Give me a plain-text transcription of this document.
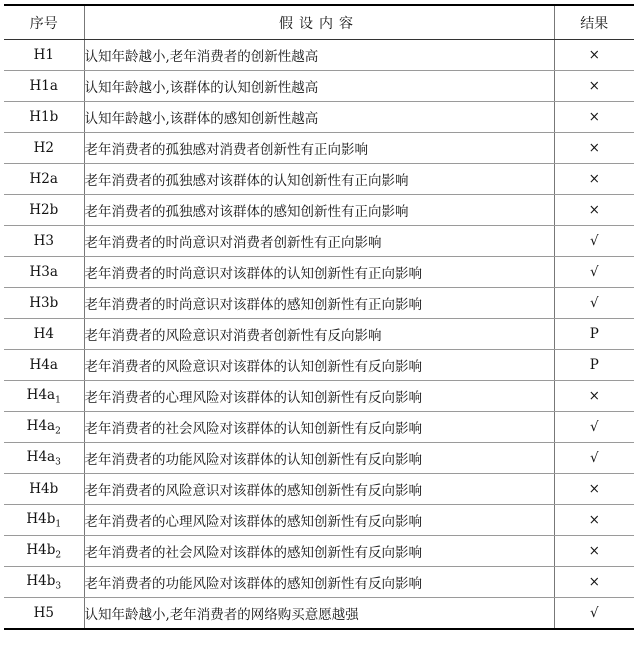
序号	假设内容	结果
H1	认知年龄越小,老年消费者的创新性越高	×
H1a	认知年龄越小,该群体的认知创新性越高	×
H1b	认知年龄越小,该群体的感知创新性越高	×
H2	老年消费者的孤独感对消费者创新性有正向影响	×
H2a	老年消费者的孤独感对该群体的认知创新性有正向影响	×
H2b	老年消费者的孤独感对该群体的感知创新性有正向影响	×
H3	老年消费者的时尚意识对消费者创新性有正向影响	√
H3a	老年消费者的时尚意识对该群体的认知创新性有正向影响	√
H3b	老年消费者的时尚意识对该群体的感知创新性有正向影响	√
H4	老年消费者的风险意识对消费者创新性有反向影响	P
H4a	老年消费者的风险意识对该群体的认知创新性有反向影响	P
$H4a_1$	老年消费者的心理风险对该群体的认知创新性有反向影响	×
$H4a_2$	老年消费者的社会风险对该群体的认知创新性有反向影响	√
$H4a_3$	老年消费者的功能风险对该群体的认知创新性有反向影响	√
H4b	老年消费者的风险意识对该群体的感知创新性有反向影响	×
$H4b_1$	老年消费者的心理风险对该群体的感知创新性有反向影响	×
$H4b_2$	老年消费者的社会风险对该群体的感知创新性有反向影响	×
$H4b_3$	老年消费者的功能风险对该群体的感知创新性有反向影响	×
H5	认知年龄越小,老年消费者的网络购买意愿越强	√
